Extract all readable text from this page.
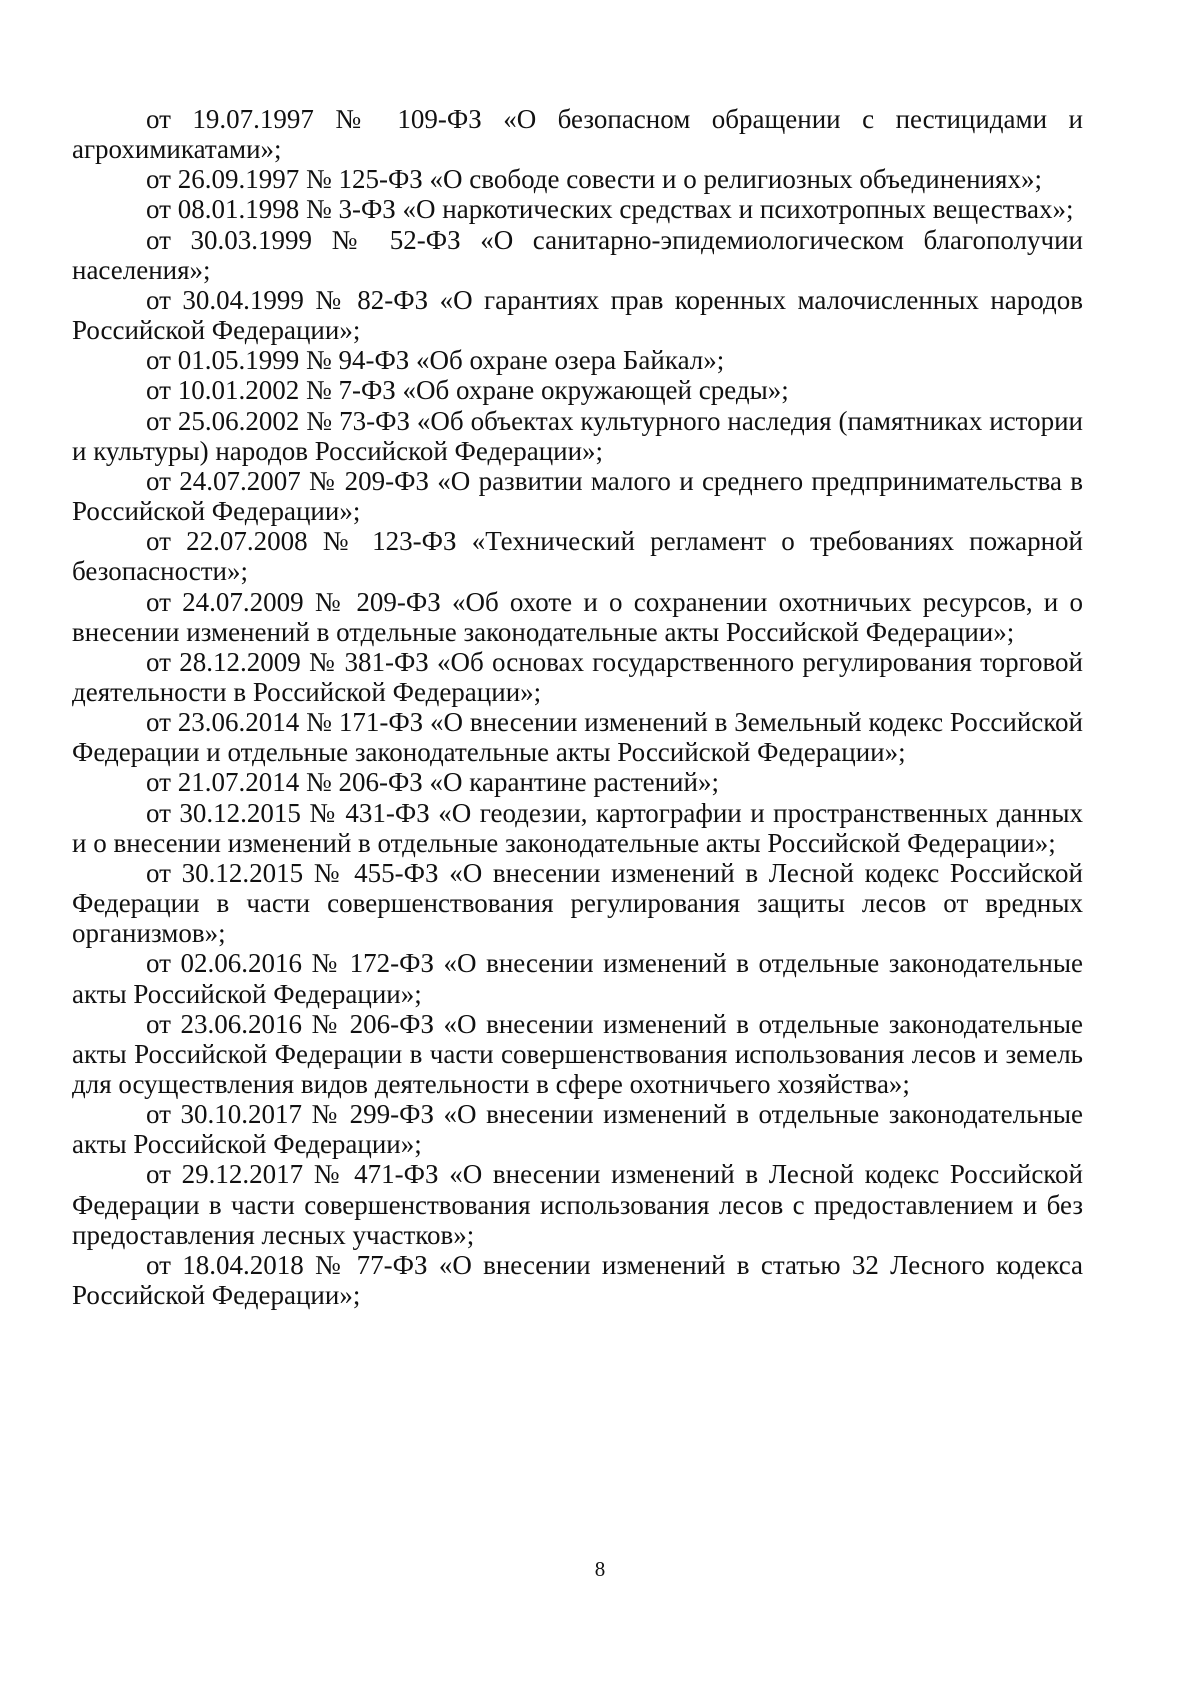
от 19.07.1997 № 109-ФЗ «О безопасном обращении с пестицидами и агрохимикатами»;

от 26.09.1997 № 125-ФЗ «О свободе совести и о религиозных объединениях»;

от 08.01.1998 № 3-ФЗ «О наркотических средствах и психотропных веществах»;

от 30.03.1999 № 52-ФЗ «О санитарно-эпидемиологическом благополучии населения»;

от 30.04.1999 № 82-ФЗ «О гарантиях прав коренных малочисленных народов Российской Федерации»;

от 01.05.1999 № 94-ФЗ «Об охране озера Байкал»;

от 10.01.2002 № 7-ФЗ «Об охране окружающей среды»;

от 25.06.2002 № 73-ФЗ «Об объектах культурного наследия (памятниках истории и культуры) народов Российской Федерации»;

от 24.07.2007 № 209-ФЗ «О развитии малого и среднего предпринимательства в Российской Федерации»;

от 22.07.2008 № 123-ФЗ «Технический регламент о требованиях пожарной безопасности»;

от 24.07.2009 № 209-ФЗ «Об охоте и о сохранении охотничьих ресурсов, и о внесении изменений в отдельные законодательные акты Российской Федерации»;

от 28.12.2009 № 381-ФЗ «Об основах государственного регулирования торговой деятельности в Российской Федерации»;

от 23.06.2014 № 171-ФЗ «О внесении изменений в Земельный кодекс Российской Федерации и отдельные законодательные акты Российской Федерации»;

от 21.07.2014 № 206-ФЗ «О карантине растений»;

от 30.12.2015 № 431-ФЗ «О геодезии, картографии и пространственных данных и о внесении изменений в отдельные законодательные акты Российской Федерации»;

от 30.12.2015 № 455-ФЗ «О внесении изменений в Лесной кодекс Российской Федерации в части совершенствования регулирования защиты лесов от вредных организмов»;

от 02.06.2016 № 172-ФЗ «О внесении изменений в отдельные законодательные акты Российской Федерации»;

от 23.06.2016 № 206-ФЗ «О внесении изменений в отдельные законодательные акты Российской Федерации в части совершенствования использования лесов и земель для осуществления видов деятельности в сфере охотничьего хозяйства»;

от 30.10.2017 № 299-ФЗ «О внесении изменений в отдельные законодательные акты Российской Федерации»;

от 29.12.2017 № 471-ФЗ «О внесении изменений в Лесной кодекс Российской Федерации в части совершенствования использования лесов с предоставлением и без предоставления лесных участков»;

от 18.04.2018 № 77-ФЗ «О внесении изменений в статью 32 Лесного кодекса Российской Федерации»;

8
